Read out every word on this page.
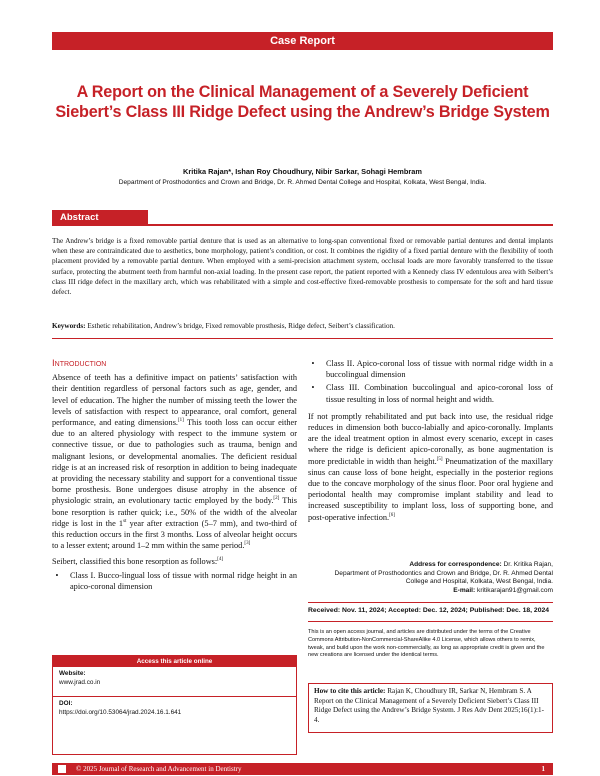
Case Report
A Report on the Clinical Management of a Severely Deficient Siebert’s Class III Ridge Defect using the Andrew’s Bridge System
Kritika Rajan*, Ishan Roy Choudhury, Nibir Sarkar, Sohagi Hembram
Department of Prosthodontics and Crown and Bridge, Dr. R. Ahmed Dental College and Hospital, Kolkata, West Bengal, India.
Abstract
The Andrew’s bridge is a fixed removable partial denture that is used as an alternative to long-span conventional fixed or removable partial dentures and dental implants when these are contraindicated due to aesthetics, bone morphology, patient’s condition, or cost. It combines the rigidity of a fixed partial denture with the flexibility of tooth placement provided by a removable partial denture. When employed with a semi-precision attachment system, occlusal loads are more favorably transferred to the tissue surface, protecting the abutment teeth from harmful non-axial loading. In the present case report, the patient reported with a Kennedy class IV edentulous area with Seibert’s class III ridge defect in the maxillary arch, which was rehabilitated with a simple and cost-effective fixed-removable prosthesis to compensate for the soft and hard tissue defect.
Keywords: Esthetic rehabilitation, Andrew’s bridge, Fixed removable prosthesis, Ridge defect, Seibert’s classification.
Introduction

Absence of teeth has a definitive impact on patients’ satisfaction with their dentition regardless of personal factors such as age, gender, and level of education. The higher the number of missing teeth the lower the levels of satisfaction with respect to appearance, oral comfort, general performance, and eating dimensions.[1] This tooth loss can occur either due to an altered physiology with respect to the immune system or connective tissue, or due to pathologies such as trauma, benign and malignant lesions, or developmental anomalies. The deficient residual ridge is at an increased risk of resorption in addition to being inadequate at providing the necessary stability and support for a conventional tissue borne prosthesis. Bone undergoes disuse atrophy in the absence of physiologic strain, an evolutionary tactic employed by the body.[2] This bone resorption is rather quick; i.e., 50% of the width of the alveolar ridge is lost in the 1st year after extraction (5–7 mm), and two-third of this reduction occurs in the first 3 months. Loss of alveolar height occurs to a lesser extent; around 1–2 mm within the same period.[3]

Seibert, classified this bone resorption as follows:[4]

•	Class I. Bucco-lingual loss of tissue with normal ridge height in an apico-coronal dimension
Access this article online
Website:
www.jrad.co.in
DOI:
https://doi.org/10.53064/jrad.2024.16.1.641
•	Class II. Apico-coronal loss of tissue with normal ridge width in a buccolingual dimension
•	Class III. Combination buccolingual and apico-coronal loss of tissue resulting in loss of normal height and width.

If not promptly rehabilitated and put back into use, the residual ridge reduces in dimension both bucco-labially and apico-coronally. Implants are the ideal treatment option in almost every scenario, except in cases where the ridge is deficient apico-coronally, as bone augmentation is more predictable in width than height.[5] Pneumatization of the maxillary sinus can cause loss of bone height, especially in the posterior regions due to the concave morphology of the sinus floor. Poor oral hygiene and periodontal health may compromise implant stability and lead to increased susceptibility to implant loss, loss of supporting bone, and post-operative infection.[6]

Address for correspondence: Dr. Kritika Rajan,
Department of Prosthodontics and Crown and Bridge, Dr. R. Ahmed Dental
College and Hospital, Kolkata, West Bengal, India.
E-mail: kritikarajan91@gmail.com
Received: Nov. 11, 2024; Accepted: Dec. 12, 2024; Published: Dec. 18, 2024
This is an open access journal, and articles are distributed under the terms of the Creative Commons Attribution-NonCommercial-ShareAlike 4.0 License, which allows others to remix, tweak, and build upon the work non-commercially, as long as appropriate credit is given and the new creations are licensed under the identical terms.
How to cite this article: Rajan K, Choudhury IR, Sarkar N, Hembram S. A Report on the Clinical Management of a Severely Deficient Siebert’s Class III Ridge Defect using the Andrew’s Bridge System. J Res Adv Dent 2025;16(1):1-4.
© 2025 Journal of Research and Advancement in Dentistry	1
